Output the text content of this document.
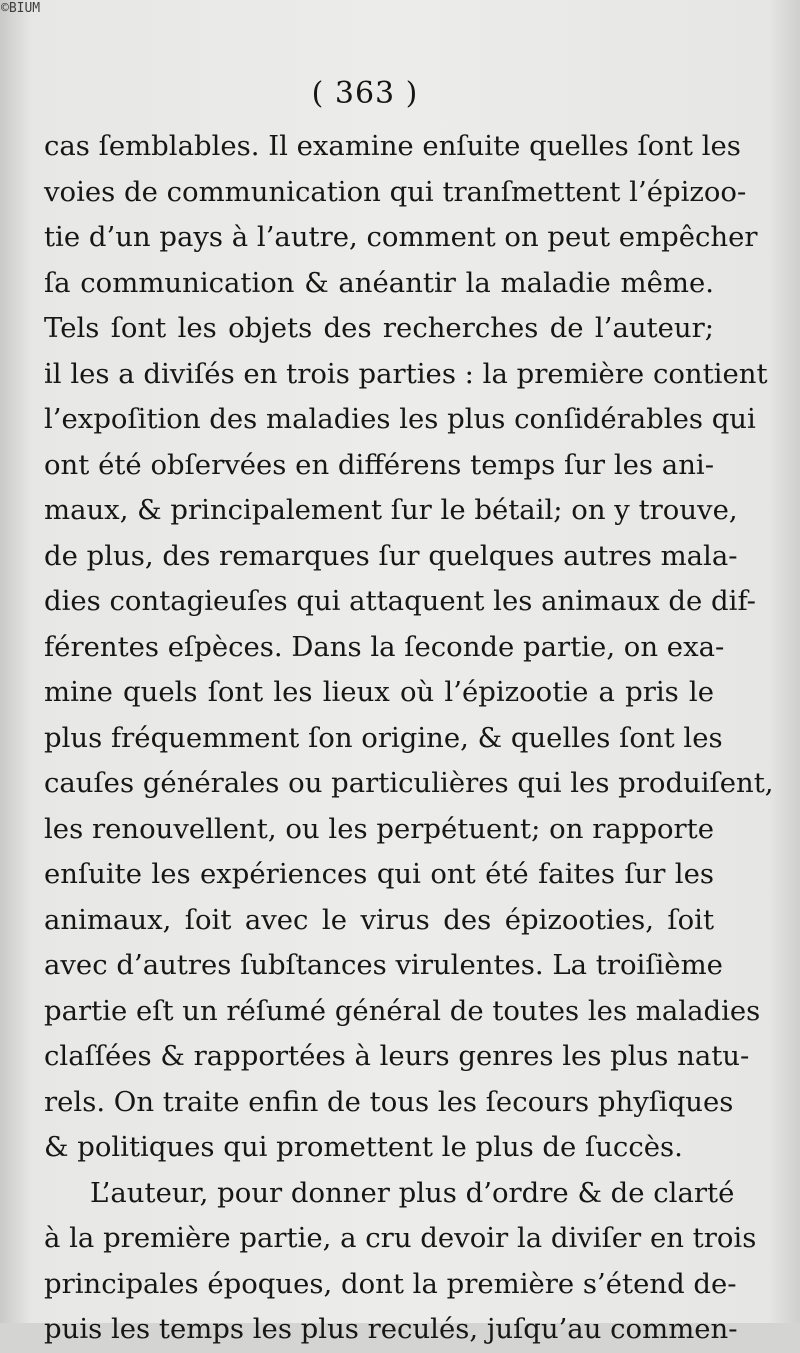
©BIUM
( 363 )
cas ſemblables. Il examine enſuite quelles ſont les
voies de communication qui tranſmettent l’épizoo-
tie d’un pays à l’autre, comment on peut empêcher
ſa communication & anéantir la maladie même.
Tels ſont les objets des recherches de l’auteur;
il les a diviſés en trois parties : la première contient
l’expoſition des maladies les plus conſidérables qui
ont été obſervées en différens temps ſur les ani-
maux, & principalement ſur le bétail; on y trouve,
de plus, des remarques ſur quelques autres mala-
dies contagieuſes qui attaquent les animaux de dif-
férentes eſpèces. Dans la ſeconde partie, on exa-
mine quels ſont les lieux où l’épizootie a pris le
plus fréquemment ſon origine, & quelles ſont les
cauſes générales ou particulières qui les produiſent,
les renouvellent, ou les perpétuent; on rapporte
enſuite les expériences qui ont été faites ſur les
animaux, ſoit avec le virus des épizooties, ſoit
avec d’autres ſubſtances virulentes. La troiſième
partie eſt un réſumé général de toutes les maladies
claſſées & rapportées à leurs genres les plus natu-
rels. On traite enfin de tous les ſecours phyſiques
& politiques qui promettent le plus de ſuccès.
L’auteur, pour donner plus d’ordre & de clarté
à la première partie, a cru devoir la diviſer en trois
principales époques, dont la première s’étend de-
puis les temps les plus reculés, juſqu’au commen-
